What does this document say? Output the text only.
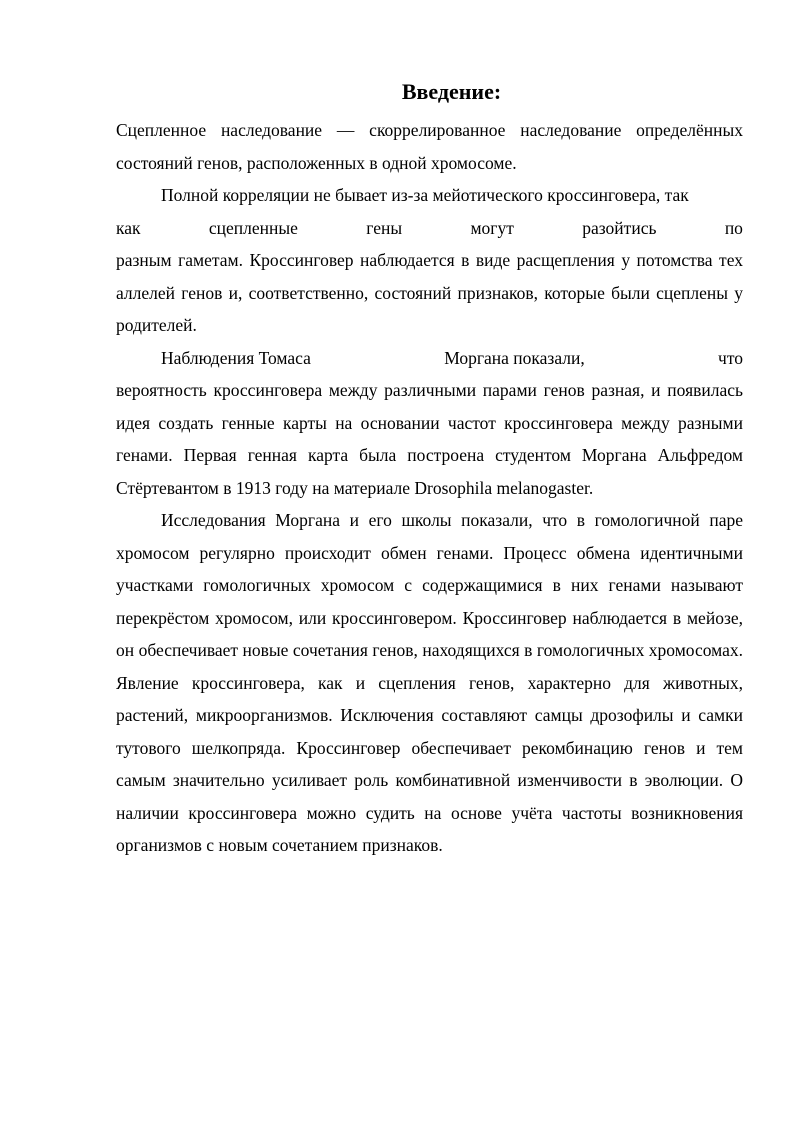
Введение:

Сцепленное наследование — скоррелированное наследование определённых состояний генов, расположенных в одной хромосоме.

Полной корреляции не бывает из-за мейотического кроссинговера, так

как	сцепленные	гены	могут	разойтись	по

разным гаметам. Кроссинговер наблюдается в виде расщепления у потомства тех аллелей генов и, соответственно, состояний признаков, которые были сцеплены у родителей.

Наблюдения Томаса	Моргана показали,	что

вероятность кроссинговера между различными парами генов разная, и появилась идея создать генные карты на основании частот кроссинговера между разными генами. Первая генная карта была построена студентом Моргана Альфредом Стёртевантом в 1913 году на материале Drosophila melanogaster.

Исследования Моргана и его школы показали, что в гомологичной паре хромосом регулярно происходит обмен генами. Процесс обмена идентичными участками гомологичных хромосом с содержащимися в них генами называют перекрёстом хромосом, или кроссинговером. Кроссинговер наблюдается в мейозе, он обеспечивает новые сочетания генов, находящихся в гомологичных хромосомах. Явление кроссинговера, как и сцепления генов, характерно для животных, растений, микроорганизмов. Исключения составляют самцы дрозофилы и самки тутового шелкопряда. Кроссинговер обеспечивает рекомбинацию генов и тем самым значительно усиливает роль комбинативной изменчивости в эволюции. О наличии кроссинговера можно судить на основе учёта частоты возникновения организмов с новым сочетанием признаков.
